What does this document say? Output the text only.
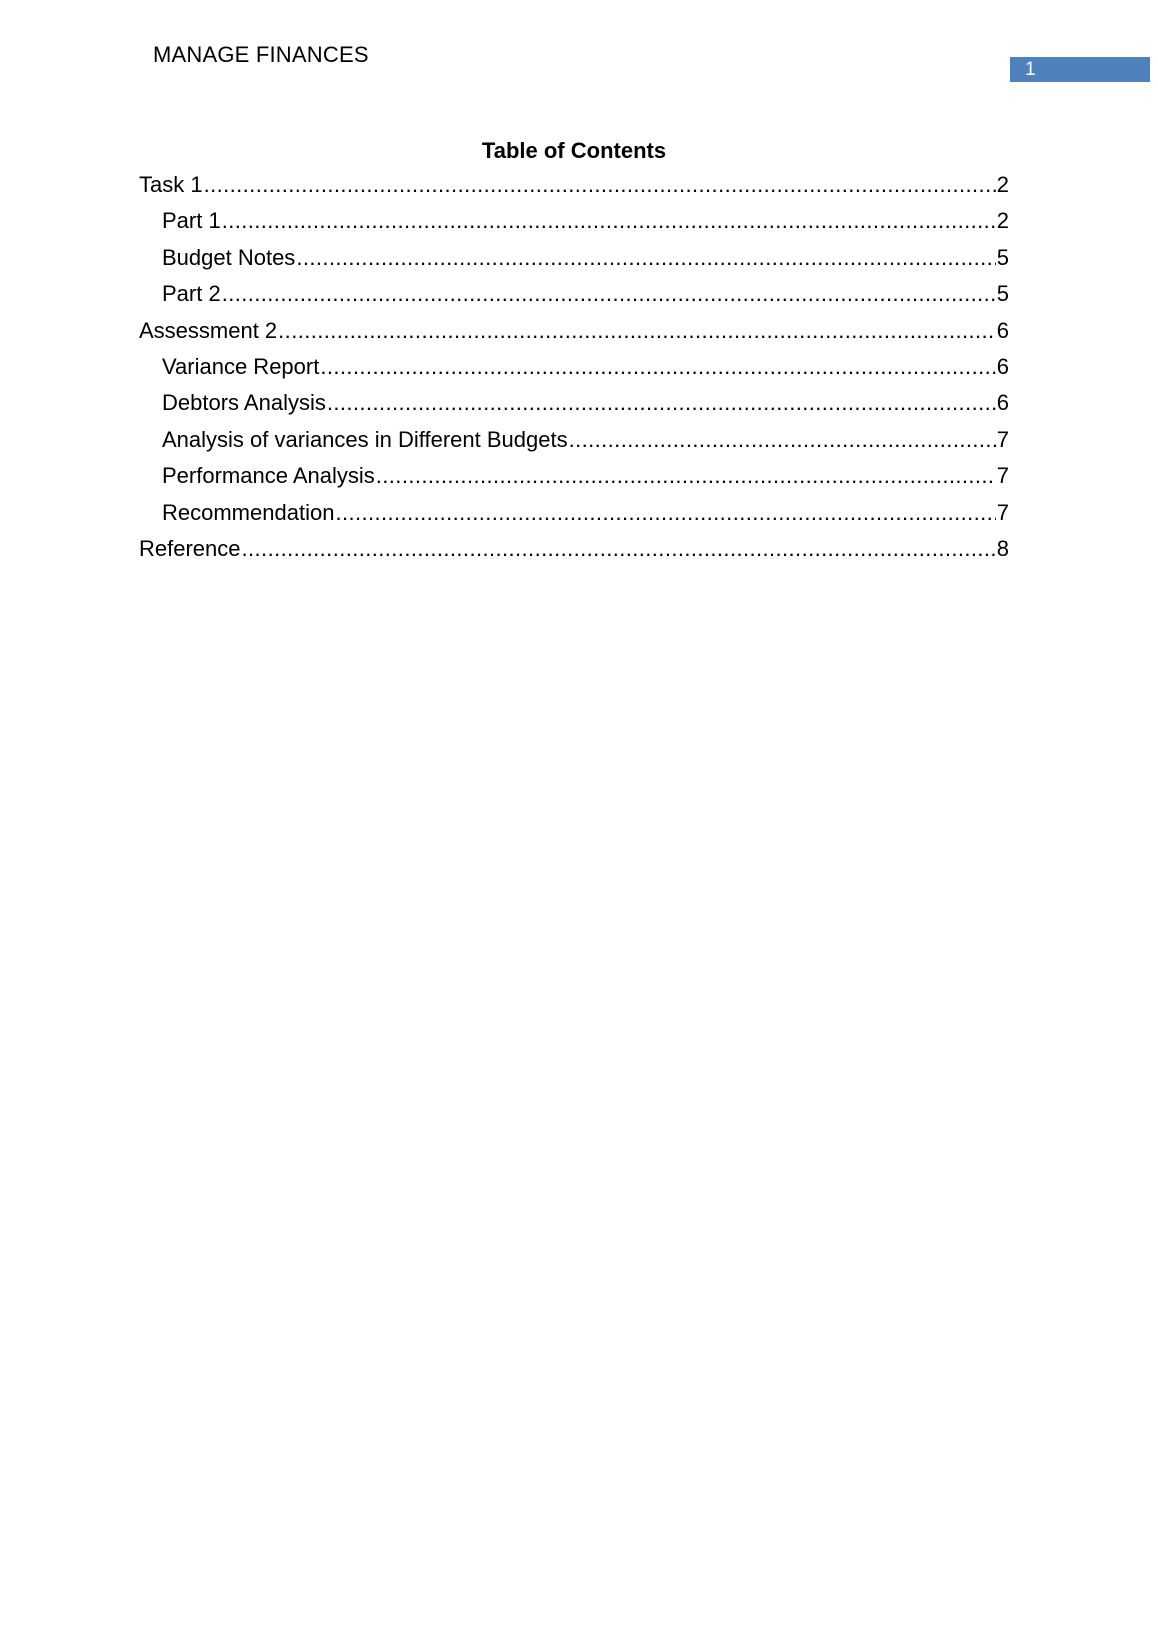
MANAGE FINANCES
1
Table of Contents
Task 1 .....	2
Part 1 .....	2
Budget Notes .....	5
Part 2 .....	5
Assessment 2 .....	6
Variance Report .....	6
Debtors Analysis .....	6
Analysis of variances in Different Budgets .....	7
Performance Analysis .....	7
Recommendation .....	7
Reference .....	8
